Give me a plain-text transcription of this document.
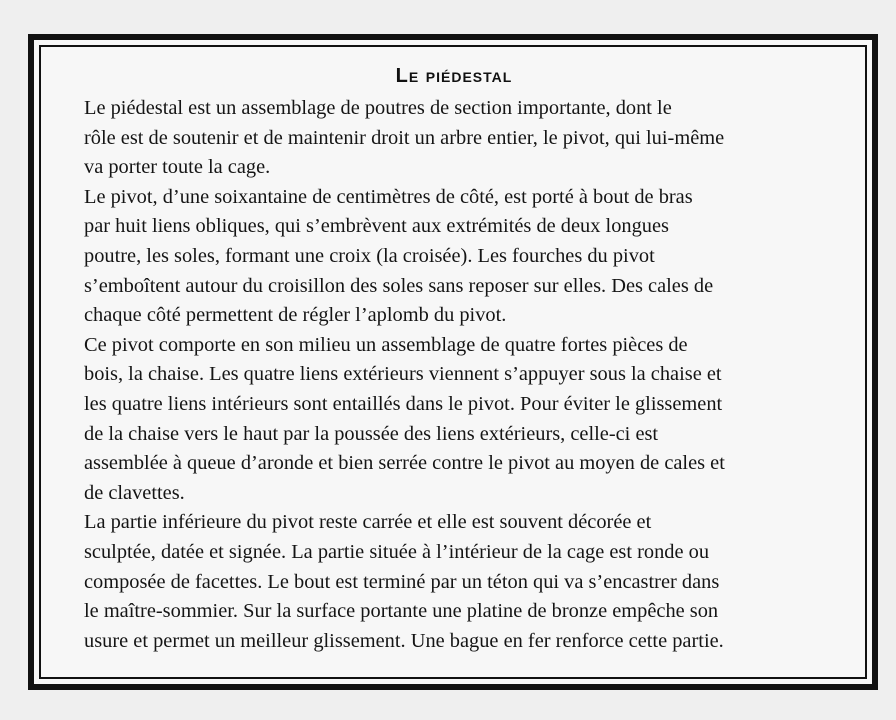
Le piédestal

Le piédestal est un assemblage de poutres de section importante, dont le
rôle est de soutenir et de maintenir droit un arbre entier, le pivot, qui lui-même
va porter toute la cage.

Le pivot, d’une soixantaine de centimètres de côté, est porté à bout de bras
par huit liens obliques, qui s’embrèvent aux extrémités de deux longues
poutre, les soles, formant une croix (la croisée). Les fourches du pivot
s’emboîtent autour du croisillon des soles sans reposer sur elles. Des cales de
chaque côté permettent de régler l’aplomb du pivot.

Ce pivot comporte en son milieu un assemblage de quatre fortes pièces de
bois, la chaise. Les quatre liens extérieurs viennent s’appuyer sous la chaise et
les quatre liens intérieurs sont entaillés dans le pivot. Pour éviter le glissement
de la chaise vers le haut par la poussée des liens extérieurs, celle-ci est
assemblée à queue d’aronde et bien serrée contre le pivot au moyen de cales et
de clavettes.

La partie inférieure du pivot reste carrée et elle est souvent décorée et
sculptée, datée et signée. La partie située à l’intérieur de la cage est ronde ou
composée de facettes. Le bout est terminé par un téton qui va s’encastrer dans
le maître-sommier. Sur la surface portante une platine de bronze empêche son
usure et permet un meilleur glissement. Une bague en fer renforce cette partie.
